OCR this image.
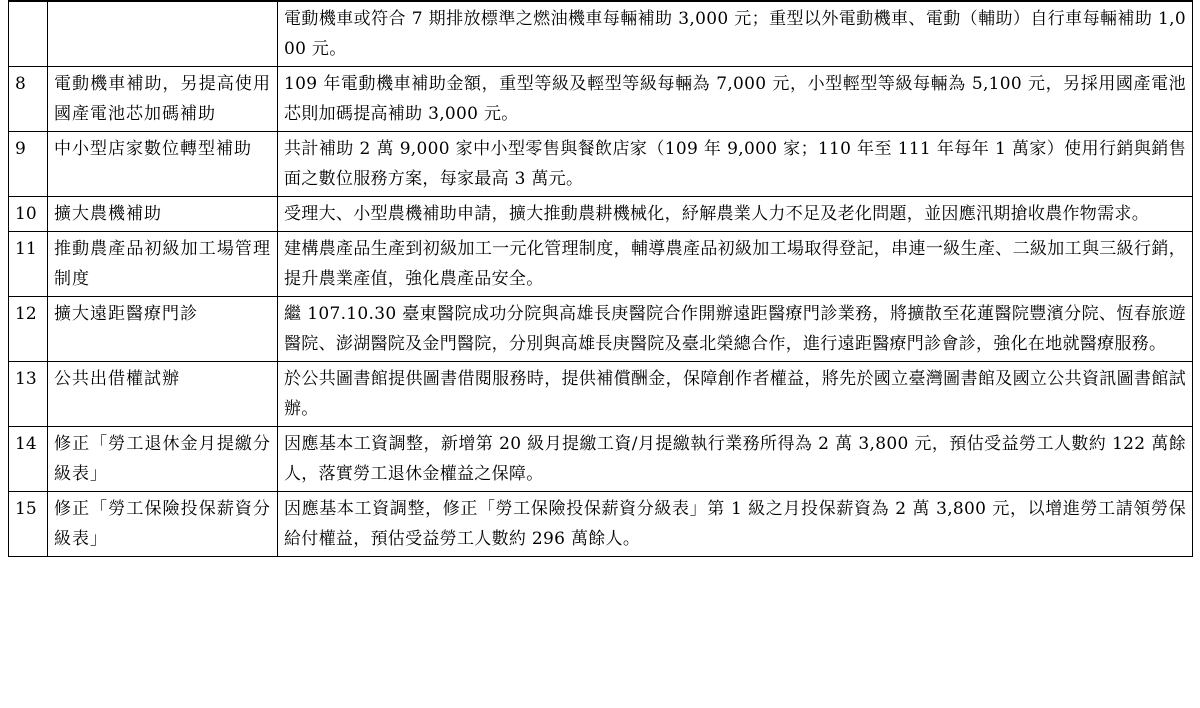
		電動機車或符合 7 期排放標準之燃油機車每輛補助 3,000 元；重型以外電動機車、電動（輔助）自行車每輛補助 1,000 元。
8	電動機車補助，另提高使用國產電池芯加碼補助	109 年電動機車補助金額，重型等級及輕型等級每輛為 7,000 元，小型輕型等級每輛為 5,100 元，另採用國產電池芯則加碼提高補助 3,000 元。
9	中小型店家數位轉型補助	共計補助 2 萬 9,000 家中小型零售與餐飲店家（109 年 9,000 家；110 年至 111 年每年 1 萬家）使用行銷與銷售面之數位服務方案，每家最高 3 萬元。
10	擴大農機補助	受理大、小型農機補助申請，擴大推動農耕機械化，紓解農業人力不足及老化問題，並因應汛期搶收農作物需求。
11	推動農產品初級加工場管理制度	建構農產品生產到初級加工一元化管理制度，輔導農產品初級加工場取得登記，串連一級生產、二級加工與三級行銷，提升農業產值，強化農產品安全。
12	擴大遠距醫療門診	繼 107.10.30 臺東醫院成功分院與高雄長庚醫院合作開辦遠距醫療門診業務，將擴散至花蓮醫院豐濱分院、恆春旅遊醫院、澎湖醫院及金門醫院，分別與高雄長庚醫院及臺北榮總合作，進行遠距醫療門診會診，強化在地就醫療服務。
13	公共出借權試辦	於公共圖書館提供圖書借閱服務時，提供補償酬金，保障創作者權益，將先於國立臺灣圖書館及國立公共資訊圖書館試辦。
14	修正「勞工退休金月提繳分級表」	因應基本工資調整，新增第 20 級月提繳工資/月提繳執行業務所得為 2 萬 3,800 元，預估受益勞工人數約 122 萬餘人，落實勞工退休金權益之保障。
15	修正「勞工保險投保薪資分級表」	因應基本工資調整，修正「勞工保險投保薪資分級表」第 1 級之月投保薪資為 2 萬 3,800 元，以增進勞工請領勞保給付權益，預估受益勞工人數約 296 萬餘人。
